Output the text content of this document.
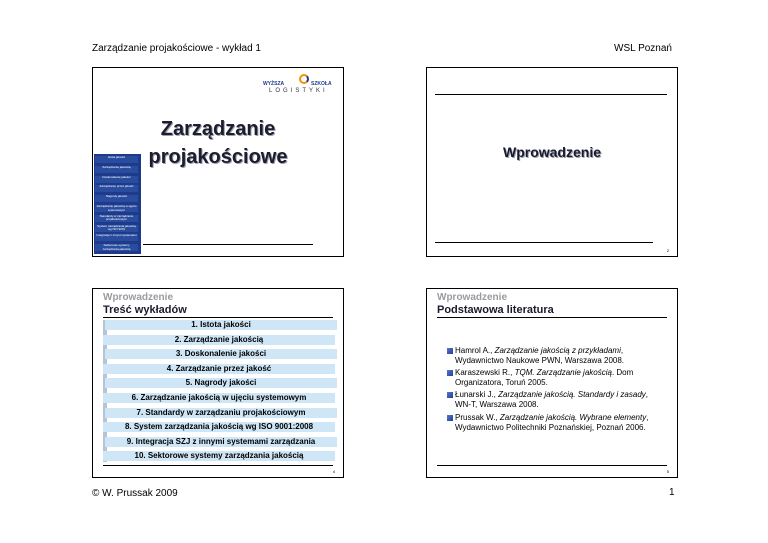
Zarządzanie projakościowe - wykład 1	WSL Poznań
WYŻSZA	SZKOŁA
LOGISTYKI
Zarządzanie
projakościowe
Istota jakości
Zarządzanie jakością
Doskonalenie jakości
Zarządzanie przez jakość
Nagrody jakości
Zarządzanie jakością w ujęciu systemowym
Standardy w zarządzaniu projakościowym
System zarządzania jakością wg ISO 9001
Integracja z innymi systemami
Sektorowe systemy zarządzania jakością
Wprowadzenie
2
Wprowadzenie
Treść wykładów
4
1. Istota jakości
2. Zarządzanie jakością
3. Doskonalenie jakości
4. Zarządzanie przez jakość
5. Nagrody jakości
6. Zarządzanie jakością w ujęciu systemowym
7. Standardy w zarządzaniu projakościowym
8. System zarządzania jakością wg ISO 9001:2008
9. Integracja SZJ z innymi systemami zarządzania
10. Sektorowe systemy zarządzania jakością
Wprowadzenie
Podstawowa literatura
5
Hamrol A., Zarządzanie jakością z przykładami, Wydawnictwo Naukowe PWN, Warszawa 2008.
Karaszewski R., TQM. Zarządzanie jakością. Dom Organizatora, Toruń 2005.
Łunarski J., Zarządzanie jakością. Standardy i zasady, WN-T, Warszawa 2008.
Prussak W., Zarządzanie jakością. Wybrane elementy, Wydawnictwo Politechniki Poznańskiej, Poznań 2006.
© W. Prussak 2009	1
